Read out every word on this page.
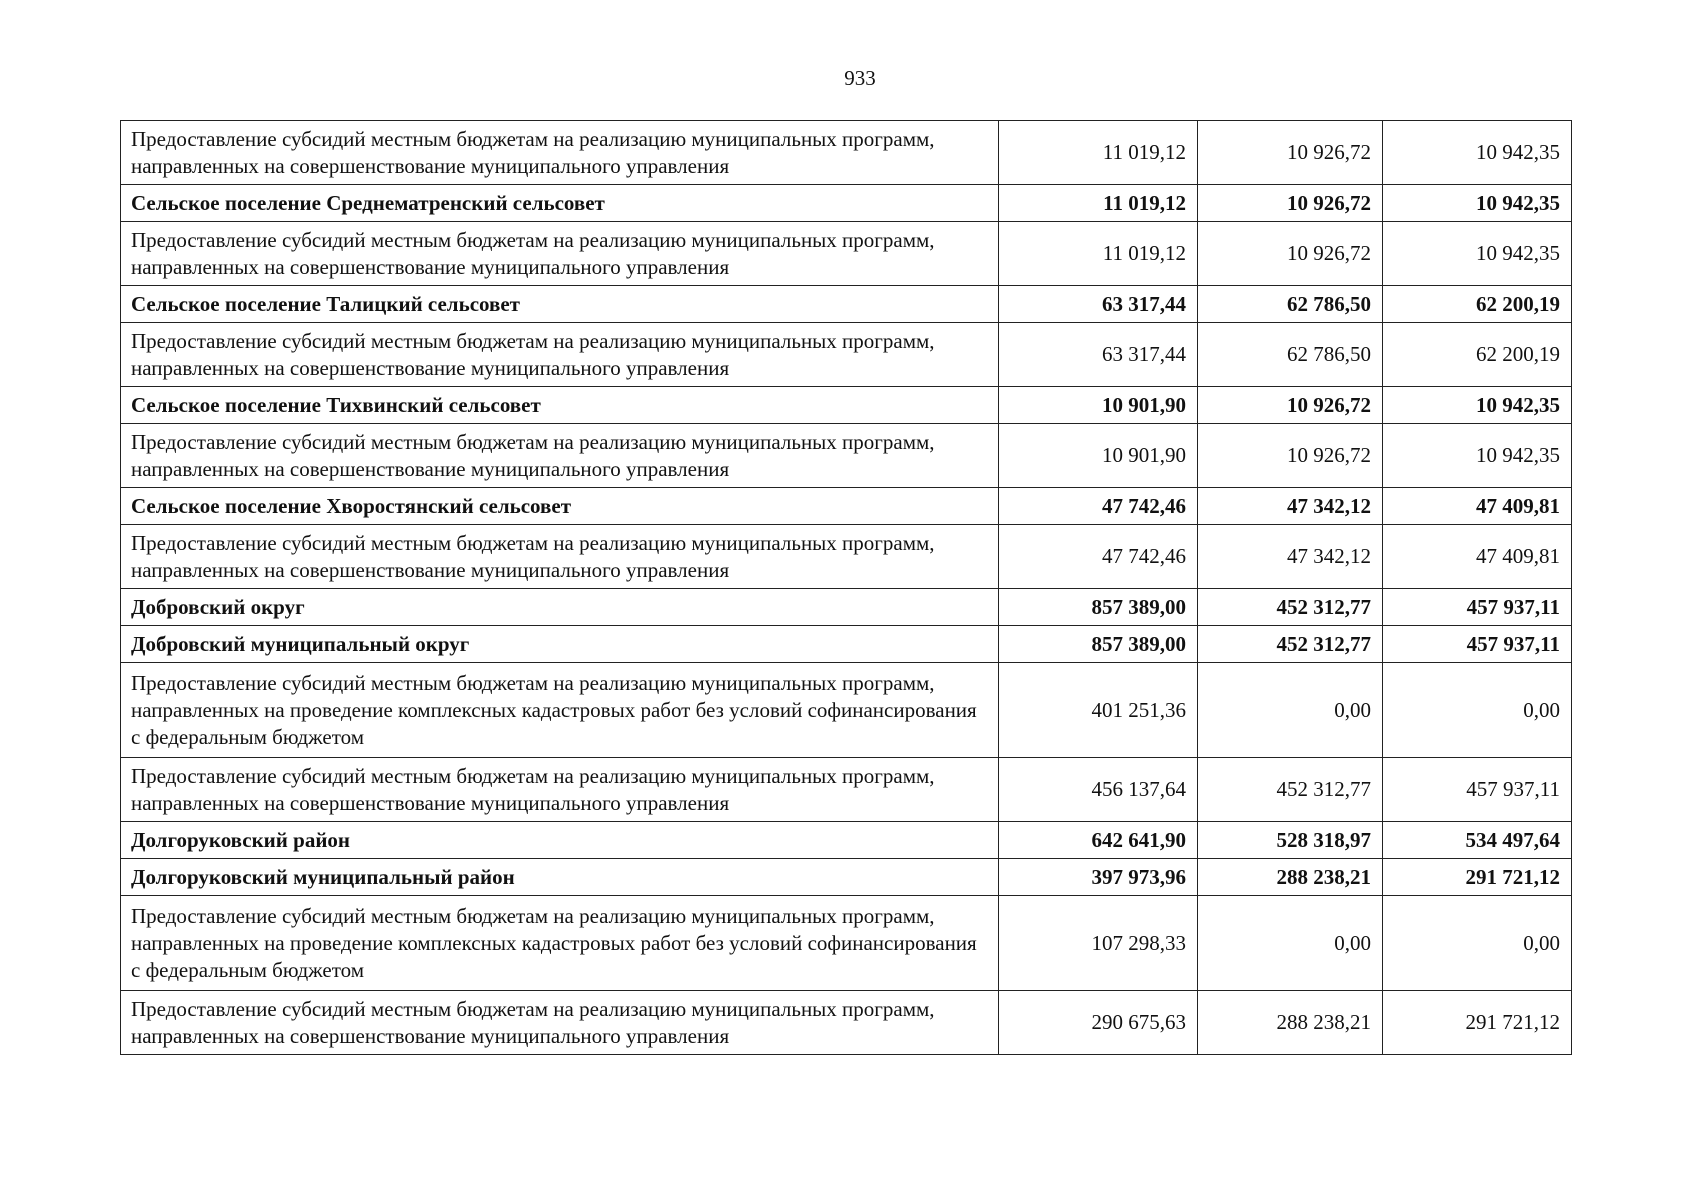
933
Предоставление субсидий местным бюджетам на реализацию муниципальных программ, направленных на совершенствование муниципального управления	11 019,12	10 926,72	10 942,35
Сельское поселение Среднематренский сельсовет	11 019,12	10 926,72	10 942,35
Предоставление субсидий местным бюджетам на реализацию муниципальных программ, направленных на совершенствование муниципального управления	11 019,12	10 926,72	10 942,35
Сельское поселение Талицкий сельсовет	63 317,44	62 786,50	62 200,19
Предоставление субсидий местным бюджетам на реализацию муниципальных программ, направленных на совершенствование муниципального управления	63 317,44	62 786,50	62 200,19
Сельское поселение Тихвинский сельсовет	10 901,90	10 926,72	10 942,35
Предоставление субсидий местным бюджетам на реализацию муниципальных программ, направленных на совершенствование муниципального управления	10 901,90	10 926,72	10 942,35
Сельское поселение Хворостянский сельсовет	47 742,46	47 342,12	47 409,81
Предоставление субсидий местным бюджетам на реализацию муниципальных программ, направленных на совершенствование муниципального управления	47 742,46	47 342,12	47 409,81
Добровский округ	857 389,00	452 312,77	457 937,11
Добровский муниципальный округ	857 389,00	452 312,77	457 937,11
Предоставление субсидий местным бюджетам на реализацию муниципальных программ, направленных на проведение комплексных кадастровых работ без условий софинансирования с федеральным бюджетом	401 251,36	0,00	0,00
Предоставление субсидий местным бюджетам на реализацию муниципальных программ, направленных на совершенствование муниципального управления	456 137,64	452 312,77	457 937,11
Долгоруковский район	642 641,90	528 318,97	534 497,64
Долгоруковский муниципальный район	397 973,96	288 238,21	291 721,12
Предоставление субсидий местным бюджетам на реализацию муниципальных программ, направленных на проведение комплексных кадастровых работ без условий софинансирования с федеральным бюджетом	107 298,33	0,00	0,00
Предоставление субсидий местным бюджетам на реализацию муниципальных программ, направленных на совершенствование муниципального управления	290 675,63	288 238,21	291 721,12
